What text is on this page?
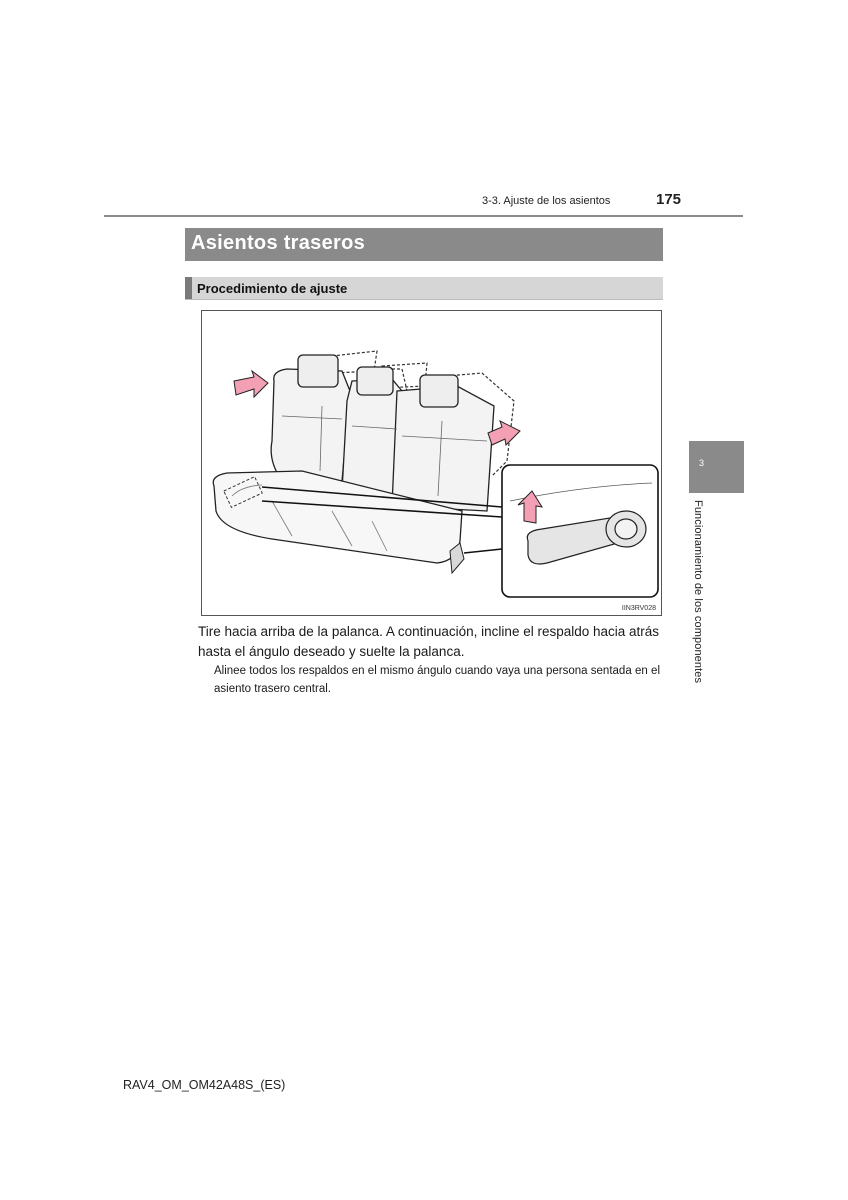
3-3. Ajuste de los asientos	175
Asientos traseros
Procedimiento de ajuste
IIN3RV028
Tire hacia arriba de la palanca. A continuación, incline el respaldo hacia atrás hasta el ángulo deseado y suelte la palanca.
Alinee todos los respaldos en el mismo ángulo cuando vaya una persona sentada en el asiento trasero central.
3
Funcionamiento de los componentes
RAV4_OM_OM42A48S_(ES)
